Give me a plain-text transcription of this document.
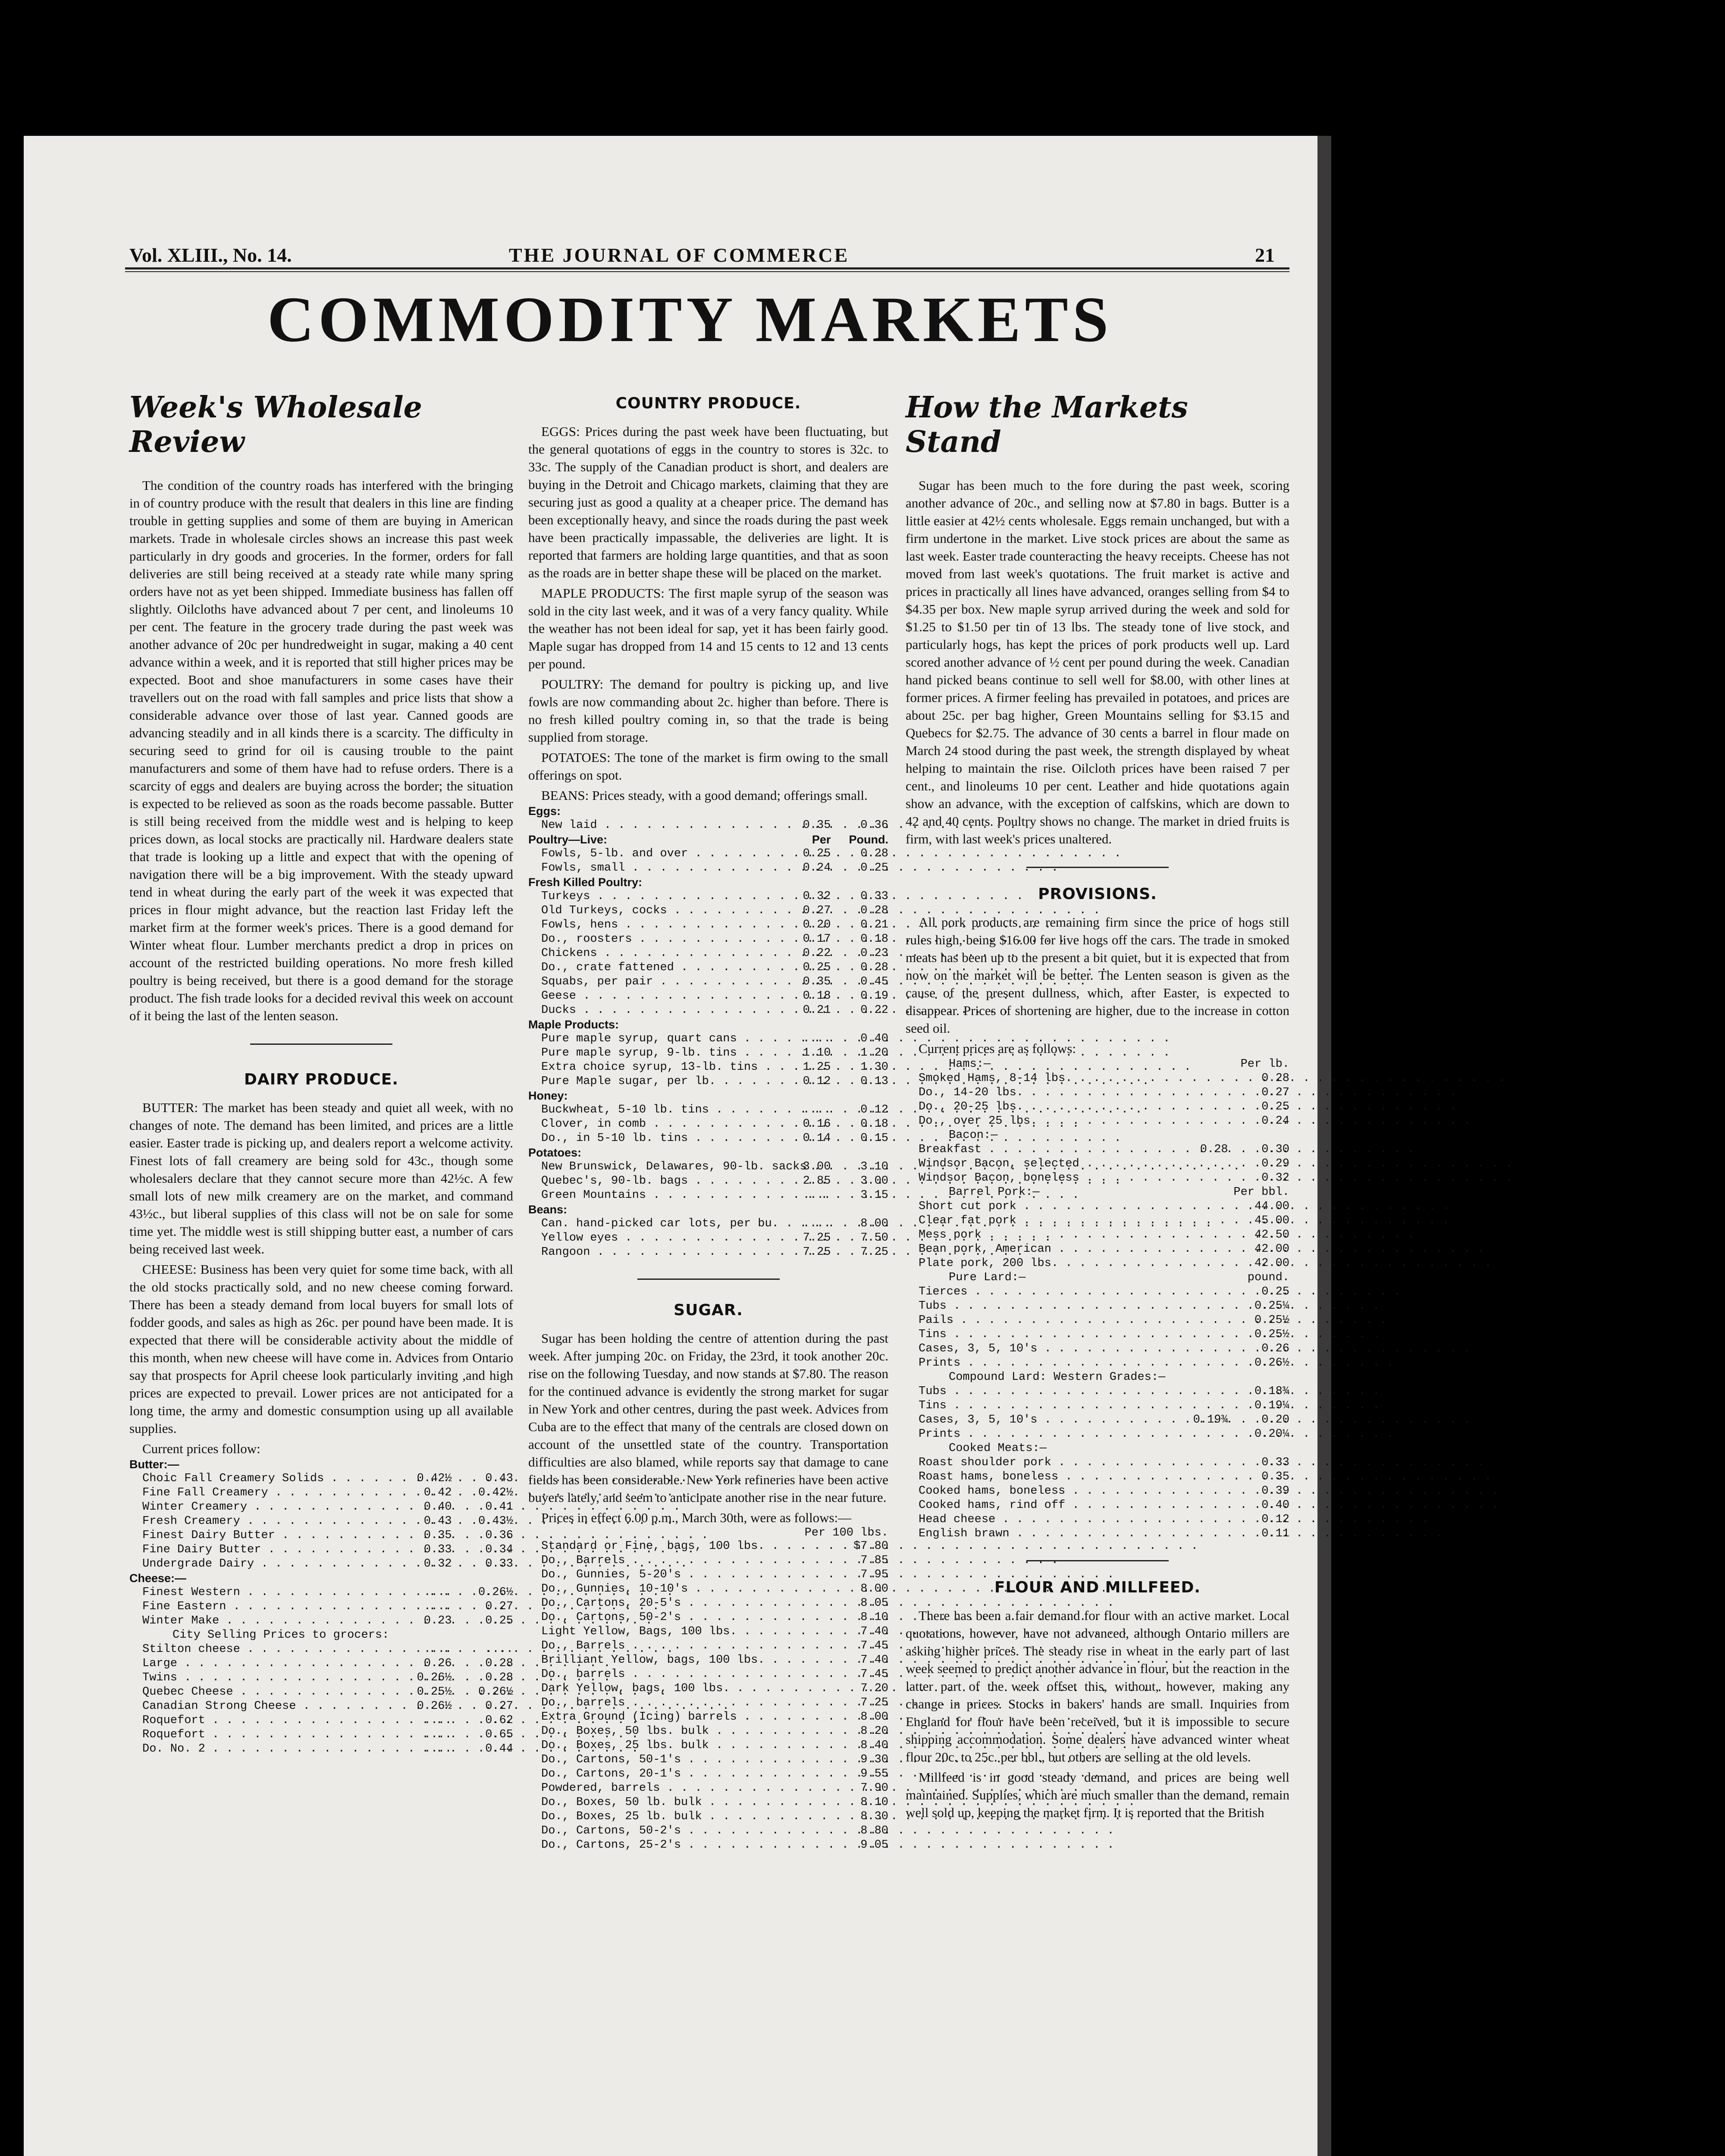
Vol. XLIII., No. 14.	THE JOURNAL OF COMMERCE	21
COMMODITY MARKETS
Week's Wholesale Review

The condition of the country roads has interfered with the bringing in of country produce with the result that dealers in this line are finding trouble in getting supplies and some of them are buying in American markets. Trade in wholesale circles shows an increase this past week particularly in dry goods and groceries. In the former, orders for fall deliveries are still being received at a steady rate while many spring orders have not as yet been shipped. Immediate business has fallen off slightly. Oilcloths have advanced about 7 per cent, and linoleums 10 per cent. The feature in the grocery trade during the past week was another advance of 20c per hundredweight in sugar, making a 40 cent advance within a week, and it is reported that still higher prices may be expected. Boot and shoe manufacturers in some cases have their travellers out on the road with fall samples and price lists that show a considerable advance over those of last year. Canned goods are advancing steadily and in all kinds there is a scarcity. The difficulty in securing seed to grind for oil is causing trouble to the paint manufacturers and some of them have had to refuse orders. There is a scarcity of eggs and dealers are buying across the border; the situation is expected to be relieved as soon as the roads become passable. Butter is still being received from the middle west and is helping to keep prices down, as local stocks are practically nil. Hardware dealers state that trade is looking up a little and expect that with the opening of navigation there will be a big improvement. With the steady upward tend in wheat during the early part of the week it was expected that prices in flour might advance, but the reaction last Friday left the market firm at the former week's prices. There is a good demand for Winter wheat flour. Lumber merchants predict a drop in prices on account of the restricted building operations. No more fresh killed poultry is being received, but there is a good demand for the storage product. The fish trade looks for a decided revival this week on account of it being the last of the lenten season.

DAIRY PRODUCE.

BUTTER: The market has been steady and quiet all week, with no changes of note. The demand has been limited, and prices are a little easier. Easter trade is picking up, and dealers report a welcome activity. Finest lots of fall creamery are being sold for 43c., though some wholesalers declare that they cannot secure more than 42½c. A few small lots of new milk creamery are on the market, and command 43½c., but liberal supplies of this class will not be on sale for some time yet. The middle west is still shipping butter east, a number of cars being received last week.

CHEESE: Business has been very quiet for some time back, with all the old stocks practically sold, and no new cheese coming forward. There has been a steady demand from local buyers for small lots of fodder goods, and sales as high as 26c. per pound have been made. It is expected that there will be considerable activity about the middle of this month, when new cheese will have come in. Advices from Ontario say that prospects for April cheese look particularly inviting ,and high prices are expected to prevail. Lower prices are not anticipated for a long time, the army and domestic consumption using up all available supplies.

Current prices follow:

Butter:—		
Choic Fall Creamery Solids . . .	0.42½	0.43
Fine Fall Creamery . . .	0.42	0.42½
Winter Creamery . . .	0.40	0.41
Fresh Creamery . . .	0.43	0.43½
Finest Dairy Butter . . .	0.35	0.36
Fine Dairy Butter . . .	0.33	0.34
Undergrade Dairy . . .	0.32	0.33
Cheese:—		
Finest Western . . .	....	0.26½
Fine Eastern . . .	....	0.27
Winter Make . . .	0.23	0.25
City Selling Prices to grocers:		
Stilton cheese . . .	....	....
Large . . .	0.26	0.28
Twins . . .	0.26½	0.28
Quebec Cheese . . .	0.25½	0.26½
Canadian Strong Cheese . . .	0.26½	0.27
Roquefort . . .	....	0.62
Roquefort . . .	....	0.65
Do. No. 2 . . .	....	0.44
COUNTRY PRODUCE.

EGGS: Prices during the past week have been fluctuating, but the general quotations of eggs in the country to stores is 32c. to 33c. The supply of the Canadian product is short, and dealers are buying in the Detroit and Chicago markets, claiming that they are securing just as good a quality at a cheaper price. The demand has been exceptionally heavy, and since the roads during the past week have been practically impassable, the deliveries are light. It is reported that farmers are holding large quantities, and that as soon as the roads are in better shape these will be placed on the market.

MAPLE PRODUCTS: The first maple syrup of the season was sold in the city last week, and it was of a very fancy quality. While the weather has not been ideal for sap, yet it has been fairly good. Maple sugar has dropped from 14 and 15 cents to 12 and 13 cents per pound.

POULTRY: The demand for poultry is picking up, and live fowls are now commanding about 2c. higher than before. There is no fresh killed poultry coming in, so that the trade is being supplied from storage.

POTATOES: The tone of the market is firm owing to the small offerings on spot.

BEANS: Prices steady, with a good demand; offerings small.

Eggs:		
New laid . . .	0.35	0.36
Poultry—Live:	Per	Pound.
Fowls, 5-lb. and over . . .	0.25	0.28
Fowls, small . . .	0.24	0.25
Fresh Killed Poultry:		
Turkeys . . .	0.32	0.33
Old Turkeys, cocks . . .	0.27	0.28
Fowls, hens . . .	0.20	0.21
Do., roosters . . .	0.17	0.18
Chickens . . .	0.22	0.23
Do., crate fattened . . .	0.25	0.28
Squabs, per pair . . .	0.35	0.45
Geese . . .	0.18	0.19
Ducks . . .	0.21	0.22
Maple Products:		
Pure maple syrup, quart cans . . .	....	0.40
Pure maple syrup, 9-lb. tins . . .	1.10	1.20
Extra choice syrup, 13-lb. tins . . .	1.25	1.30
Pure Maple sugar, per lb. . . .	0.12	0.13
Honey:		
Buckwheat, 5-10 lb. tins . . .	....	0.12
Clover, in comb . . .	0.16	0.18
Do., in 5-10 lb. tins . . .	0.14	0.15
Potatoes:		
New Brunswick, Delawares, 90-lb. sacks . . .	3.00	3.10
Quebec's, 90-lb. bags . . .	2.85	3.00
Green Mountains . . .	....	3.15
Beans:		
Can. hand-picked car lots, per bu. . . .	....	8.00
Yellow eyes . . .	7.25	7.50
Rangoon . . .	7.25	7.25
SUGAR.

Sugar has been holding the centre of attention during the past week. After jumping 20c. on Friday, the 23rd, it took another 20c. rise on the following Tuesday, and now stands at $7.80. The reason for the continued advance is evidently the strong market for sugar in New York and other centres, during the past week. Advices from Cuba are to the effect that many of the centrals are closed down on account of the unsettled state of the country. Transportation difficulties are also blamed, while reports say that damage to cane fields has been considerable. New York refineries have been active buyers lately, and seem to anticipate another rise in the near future.

Prices in effect 6.00 p.m., March 30th, were as follows:—

Per 100 lbs.
Standard or Fine, bags, 100 lbs. . . .	$7.80
Do., Barrels . . .	7.85
Do., Gunnies, 5-20's . . .	7.95
Do., Gunnies, 10-10's . . .	8.00
Do., Cartons, 20-5's . . .	8.05
Do., Cartons, 50-2's . . .	8.10
Light Yellow, Bags, 100 lbs. . . .	7.40
Do., Barrels . . .	7.45
Brilliant Yellow, bags, 100 lbs. . . .	7.40
Do., barrels . . .	7.45
Dark Yellow, bags, 100 lbs. . . .	7.20
Do., barrels . . .	7.25
Extra Ground (Icing) barrels . . .	8.00
Do., Boxes, 50 lbs. bulk . . .	8.20
Do., Boxes, 25 lbs. bulk . . .	8.40
Do., Cartons, 50-1's . . .	9.30
Do., Cartons, 20-1's . . .	9.55
Powdered, barrels . . .	7.90
Do., Boxes, 50 lb. bulk . . .	8.10
Do., Boxes, 25 lb. bulk . . .	8.30
Do., Cartons, 50-2's . . .	8.80
Do., Cartons, 25-2's . . .	9.05
How the Markets Stand

Sugar has been much to the fore during the past week, scoring another advance of 20c., and selling now at $7.80 in bags. Butter is a little easier at 42½ cents wholesale. Eggs remain unchanged, but with a firm undertone in the market. Live stock prices are about the same as last week. Easter trade counteracting the heavy receipts. Cheese has not moved from last week's quotations. The fruit market is active and prices in practically all lines have advanced, oranges selling from $4 to $4.35 per box. New maple syrup arrived during the week and sold for $1.25 to $1.50 per tin of 13 lbs. The steady tone of live stock, and particularly hogs, has kept the prices of pork products well up. Lard scored another advance of ½ cent per pound during the week. Canadian hand picked beans continue to sell well for $8.00, with other lines at former prices. A firmer feeling has prevailed in potatoes, and prices are about 25c. per bag higher, Green Mountains selling for $3.15 and Quebecs for $2.75. The advance of 30 cents a barrel in flour made on March 24 stood during the past week, the strength displayed by wheat helping to maintain the rise. Oilcloth prices have been raised 7 per cent., and linoleums 10 per cent. Leather and hide quotations again show an advance, with the exception of calfskins, which are down to 42 and 40 cents. Poultry shows no change. The market in dried fruits is firm, with last week's prices unaltered.

PROVISIONS.

All pork products are remaining firm since the price of hogs still rules high, being $16.00 for live hogs off the cars. The trade in smoked meats has been up to the present a bit quiet, but it is expected that from now on the market will be better. The Lenten season is given as the cause of the present dullness, which, after Easter, is expected to disappear. Prices of shortening are higher, due to the increase in cotton seed oil.

Current prices are as follows:

Hams:—		Per lb.
Smoked Hams, 8-14 lbs. . . .		0.28
Do., 14-20 lbs. . . .		0.27
Do., 20-25 lbs. . . .		0.25
Do., over 25 lbs. . . .		0.24
Bacon:—		
Breakfast . . .	0.28	0.30
Windsor Bacon, selected . . .		0.29
Windsor Bacon, boneless . . .		0.32
Barrel Pork:—		Per bbl.
Short cut pork . . .		44.00
Clear fat pork . . .		45.00
Mess pork . . .		42.50
Bean pork, American . . .		42.00
Plate pork, 200 lbs. . . .		42.00
Pure Lard:—		pound.
Tierces . . .		0.25
Tubs . . .		0.25¼
Pails . . .		0.25½
Tins . . .		0.25½
Cases, 3, 5, 10's . . .		0.26
Prints . . .		0.26½
Compound Lard: Western Grades:—		
Tubs . . .		0.18¾
Tins . . .		0.19¼
Cases, 3, 5, 10's . . .	0.19¾	0.20
Prints . . .		0.20¼
Cooked Meats:—		
Roast shoulder pork . . .		0.33
Roast hams, boneless . . .		0.35
Cooked hams, boneless . . .		0.39
Cooked hams, rind off . . .		0.40
Head cheese . . .		0.12
English brawn . . .		0.11
FLOUR AND MILLFEED.

There has been a fair demand for flour with an active market. Local quotations, however, have not advanced, although Ontario millers are asking higher prices. The steady rise in wheat in the early part of last week seemed to predict another advance in flour, but the reaction in the latter part of the week offset this, without, however, making any change in prices. Stocks in bakers' hands are small. Inquiries from England for flour have been received, but it is impossible to secure shipping accommodation. Some dealers have advanced winter wheat flour 20c. to 25c. per bbl., but others are selling at the old levels.

Millfeed is in good steady demand, and prices are being well maintained. Supplies, which are much smaller than the demand, remain well sold up, keeping the market firm. It is reported that the British
